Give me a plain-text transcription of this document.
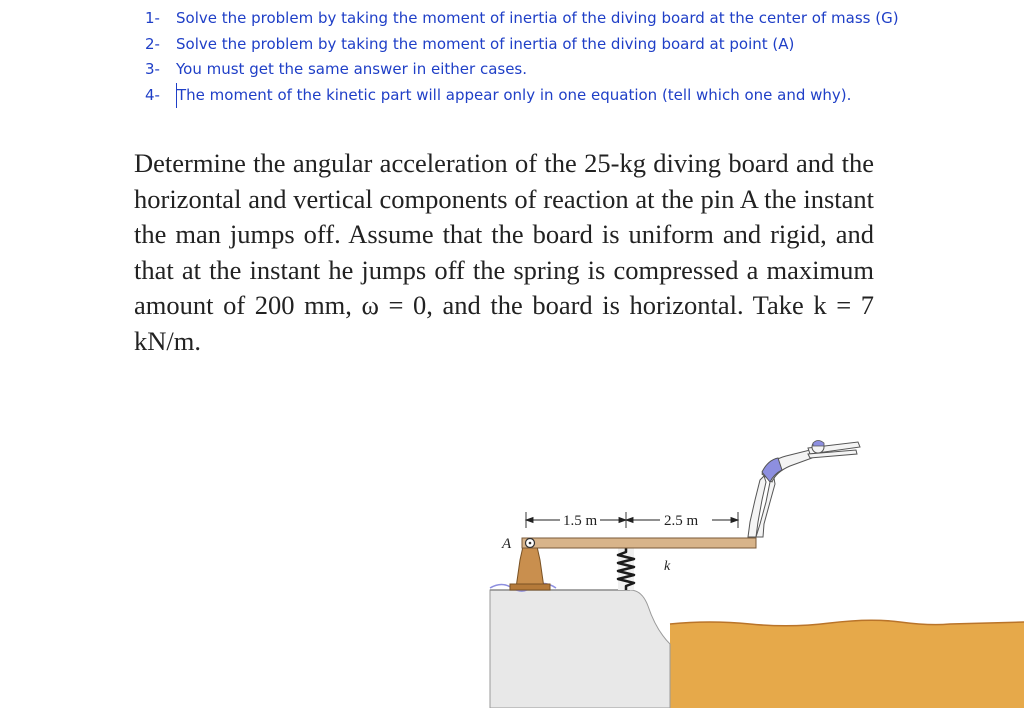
1- Solve the problem by taking the moment of inertia of the diving board at the center of mass (G)
2- Solve the problem by taking the moment of inertia of the diving board at point (A)
3- You must get the same answer in either cases.
4- The moment of the kinetic part will appear only in one equation (tell which one and why).
Determine the angular acceleration of the 25-kg diving board and the horizontal and vertical components of reaction at the pin A the instant the man jumps off. Assume that the board is uniform and rigid, and that at the instant he jumps off the spring is compressed a maximum amount of 200 mm, ω = 0, and the board is horizontal. Take k = 7 kN/m.
1.5 m	2.5 m
A
k
